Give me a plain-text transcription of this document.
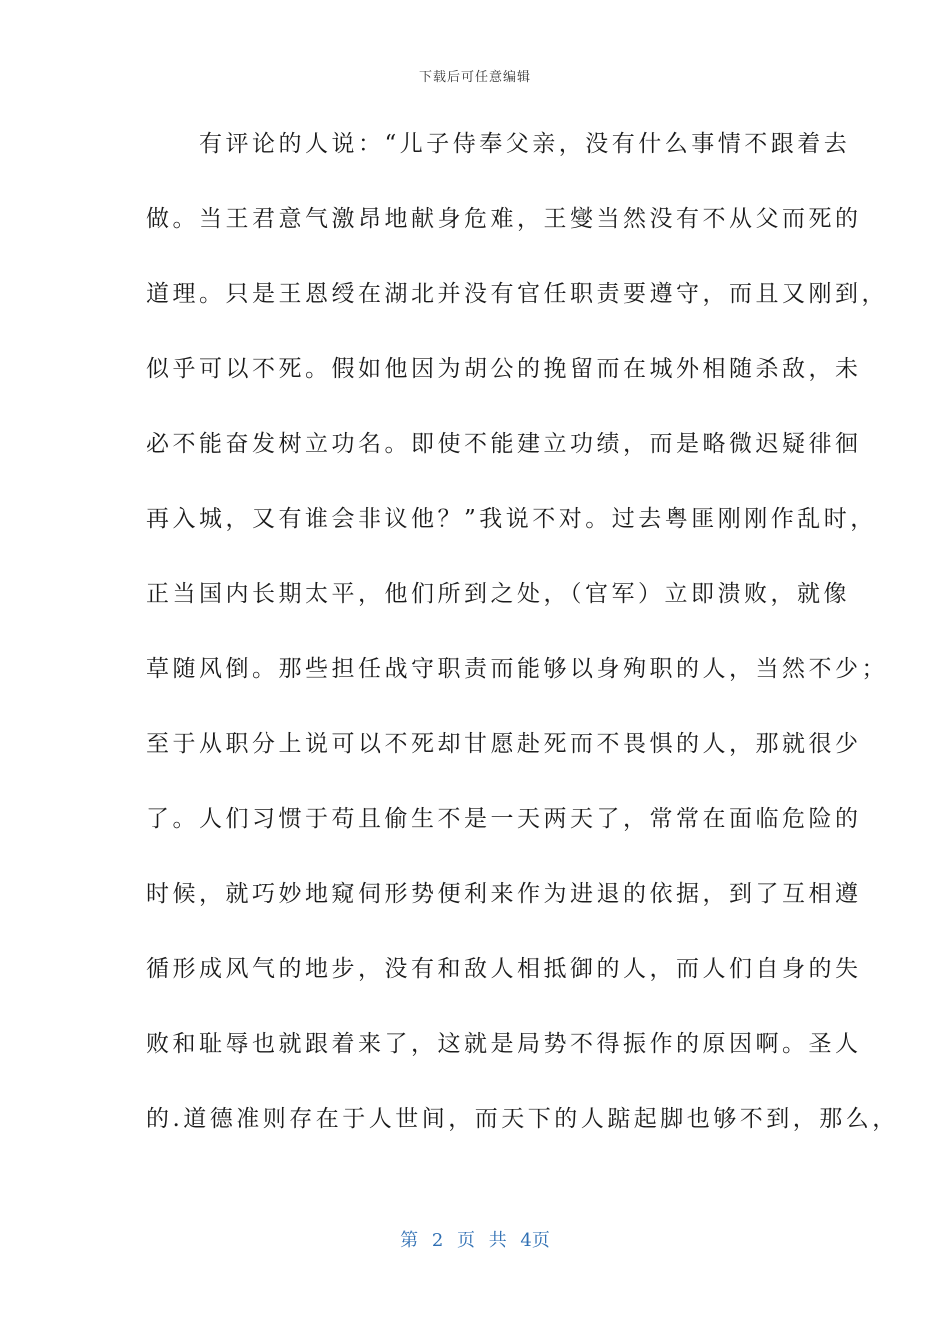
下载后可任意编辑
　　有评论的人说：“儿子侍奉父亲，没有什么事情不跟着去
做。当王君意气激昂地献身危难，王燮当然没有不从父而死的
道理。只是王恩绶在湖北并没有官任职责要遵守，而且又刚到，
似乎可以不死。假如他因为胡公的挽留而在城外相随杀敌，未
必不能奋发树立功名。即使不能建立功绩，而是略微迟疑徘徊
再入城，又有谁会非议他？”我说不对。过去粤匪刚刚作乱时，
正当国内长期太平，他们所到之处，（官军）立即溃败，就像
草随风倒。那些担任战守职责而能够以身殉职的人，当然不少；
至于从职分上说可以不死却甘愿赴死而不畏惧的人，那就很少
了。人们习惯于苟且偷生不是一天两天了，常常在面临危险的
时候，就巧妙地窥伺形势便利来作为进退的依据，到了互相遵
循形成风气的地步，没有和敌人相抵御的人，而人们自身的失
败和耻辱也就跟着来了，这就是局势不得振作的原因啊。圣人
的.道德准则存在于人世间，而天下的人踮起脚也够不到，那么，
第 2 页 共 4页
